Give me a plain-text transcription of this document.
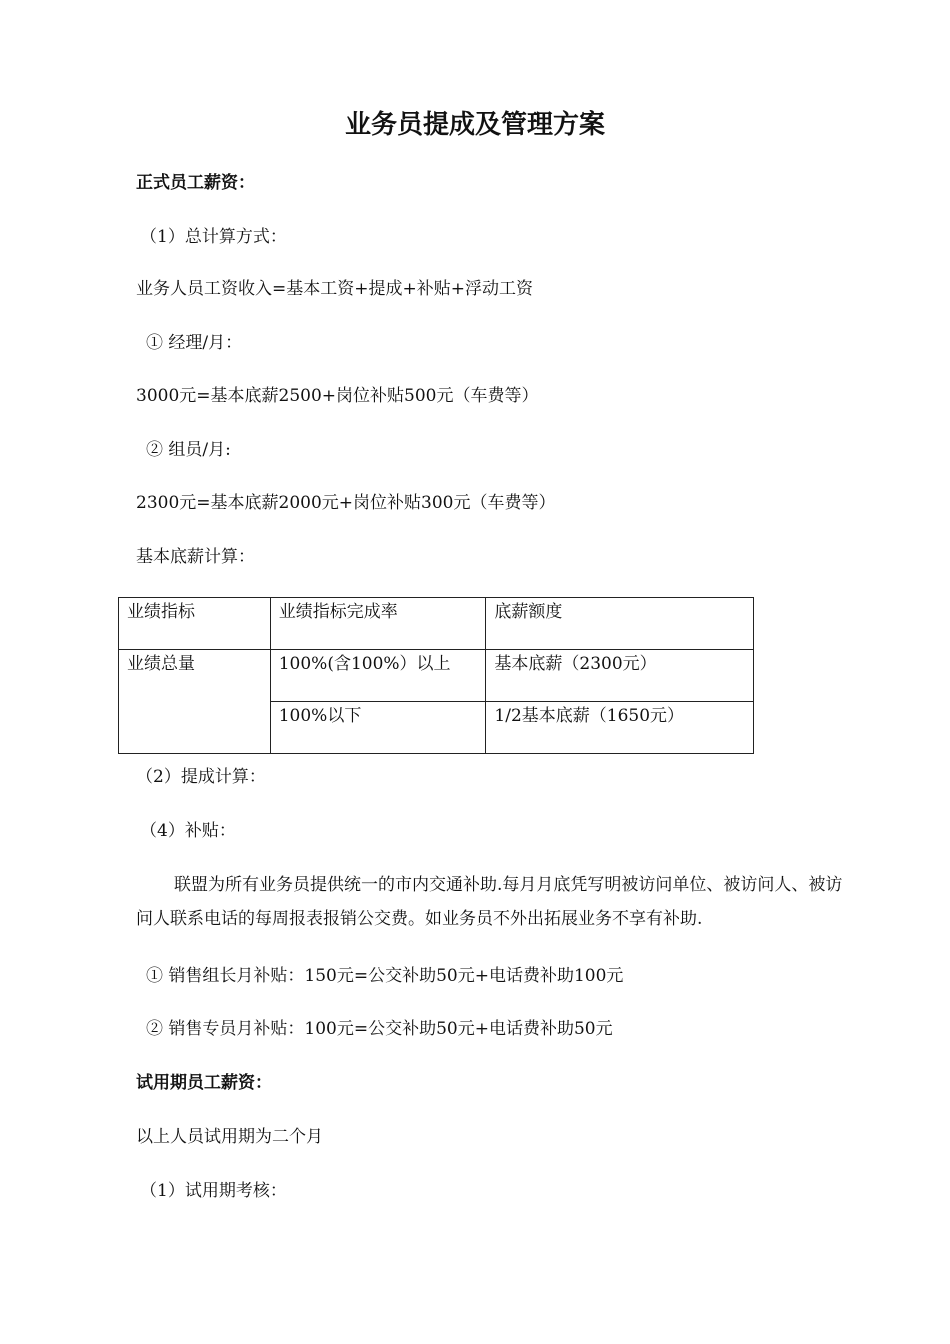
业务员提成及管理方案
正式员工薪资：
（1）总计算方式：
业务人员工资收入=基本工资+提成+补贴+浮动工资
① 经理/月：
3000元=基本底薪2500+岗位补贴500元（车费等）
② 组员/月:
2300元=基本底薪2000元+岗位补贴300元（车费等）
基本底薪计算：
业绩指标	业绩指标完成率	底薪额度
业绩总量	100%(含100%）以上	基本底薪（2300元）
	100%以下	1/2基本底薪（1650元）
（2）提成计算：
（4）补贴：
联盟为所有业务员提供统一的市内交通补助.每月月底凭写明被访问单位、被访问人、被访问人联系电话的每周报表报销公交费。如业务员不外出拓展业务不享有补助.
① 销售组长月补贴：150元=公交补助50元+电话费补助100元
② 销售专员月补贴：100元=公交补助50元+电话费补助50元
试用期员工薪资：
以上人员试用期为二个月
（1）试用期考核：
